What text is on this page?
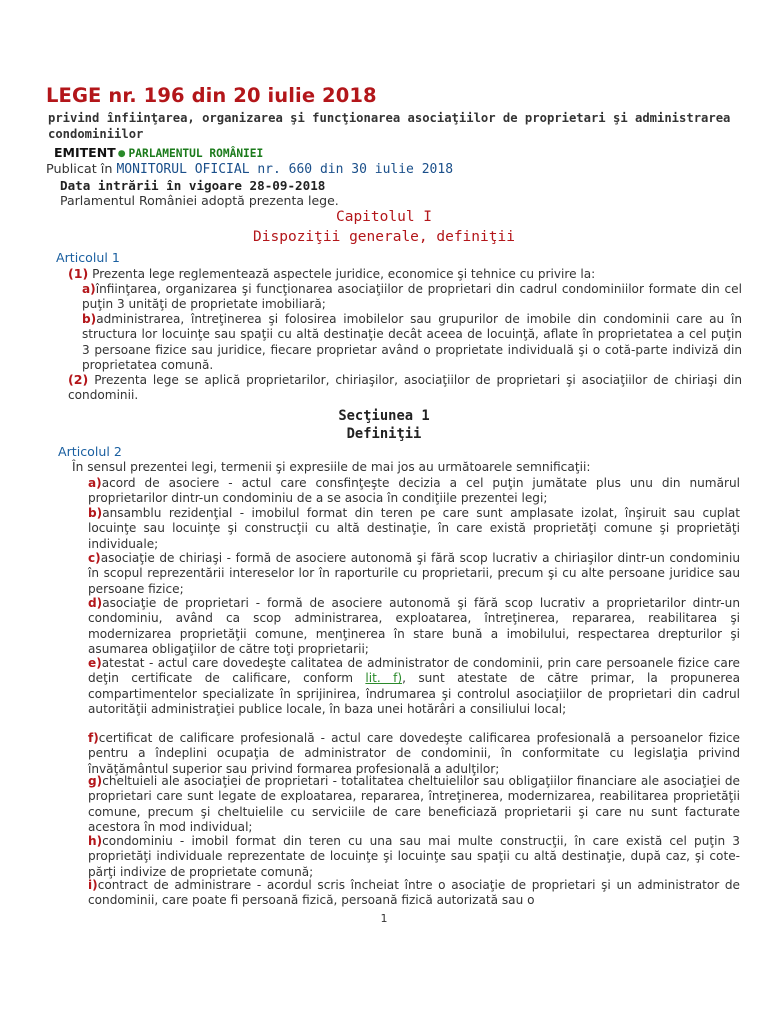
LEGE nr. 196 din 20 iulie 2018
privind înfiinţarea, organizarea şi funcţionarea asociaţiilor de proprietari şi administrarea condominiilor
EMITENT ● PARLAMENTUL ROMÂNIEI
Publicat în MONITORUL OFICIAL nr. 660 din 30 iulie 2018
Data intrării în vigoare 28-09-2018
Parlamentul României adoptă prezenta lege.
Capitolul I
Dispoziţii generale, definiţii
Articolul 1

(1) Prezenta lege reglementează aspectele juridice, economice şi tehnice cu privire la:

a)înfiinţarea, organizarea şi funcţionarea asociaţiilor de proprietari din cadrul condominiilor formate din cel puţin 3 unităţi de proprietate imobiliară;

b)administrarea, întreţinerea şi folosirea imobilelor sau grupurilor de imobile din condominii care au în structura lor locuinţe sau spaţii cu altă destinaţie decât aceea de locuinţă, aflate în proprietatea a cel puţin 3 persoane fizice sau juridice, fiecare proprietar având o proprietate individuală şi o cotă-parte indiviză din proprietatea comună.

(2) Prezenta lege se aplică proprietarilor, chiriaşilor, asociaţiilor de proprietari şi asociaţiilor de chiriaşi din condominii.

Secţiunea 1
Definiţii
Articolul 2
În sensul prezentei legi, termenii şi expresiile de mai jos au următoarele semnificaţii:

a)acord de asociere - actul care consfinţeşte decizia a cel puţin jumătate plus unu din numărul proprietarilor dintr-un condominiu de a se asocia în condiţiile prezentei legi;

b)ansamblu rezidenţial - imobilul format din teren pe care sunt amplasate izolat, înşiruit sau cuplat locuinţe sau locuinţe şi construcţii cu altă destinaţie, în care există proprietăţi comune şi proprietăţi individuale;

c)asociaţie de chiriaşi - formă de asociere autonomă şi fără scop lucrativ a chiriaşilor dintr-un condominiu în scopul reprezentării intereselor lor în raporturile cu proprietarii, precum şi cu alte persoane juridice sau persoane fizice;

d)asociaţie de proprietari - formă de asociere autonomă şi fără scop lucrativ a proprietarilor dintr-un condominiu, având ca scop administrarea, exploatarea, întreţinerea, repararea, reabilitarea şi modernizarea proprietăţii comune, menţinerea în stare bună a imobilului, respectarea drepturilor şi asumarea obligaţiilor de către toţi proprietarii;

e)atestat - actul care dovedeşte calitatea de administrator de condominii, prin care persoanele fizice care deţin certificate de calificare, conform lit. f), sunt atestate de către primar, la propunerea compartimentelor specializate în sprijinirea, îndrumarea şi controlul asociaţiilor de proprietari din cadrul autorităţii administraţiei publice locale, în baza unei hotărâri a consiliului local;

f)certificat de calificare profesională - actul care dovedeşte calificarea profesională a persoanelor fizice pentru a îndeplini ocupaţia de administrator de condominii, în conformitate cu legislaţia privind învăţământul superior sau privind formarea profesională a adulţilor;

g)cheltuieli ale asociaţiei de proprietari - totalitatea cheltuielilor sau obligaţiilor financiare ale asociaţiei de proprietari care sunt legate de exploatarea, repararea, întreţinerea, modernizarea, reabilitarea proprietăţii comune, precum şi cheltuielile cu serviciile de care beneficiază proprietarii şi care nu sunt facturate acestora în mod individual;

h)condominiu - imobil format din teren cu una sau mai multe construcţii, în care există cel puţin 3 proprietăţi individuale reprezentate de locuinţe şi locuinţe sau spaţii cu altă destinaţie, după caz, şi cote-părţi indivize de proprietate comună;

i)contract de administrare - acordul scris încheiat între o asociaţie de proprietari şi un administrator de condominii, care poate fi persoană fizică, persoană fizică autorizată sau o

1
